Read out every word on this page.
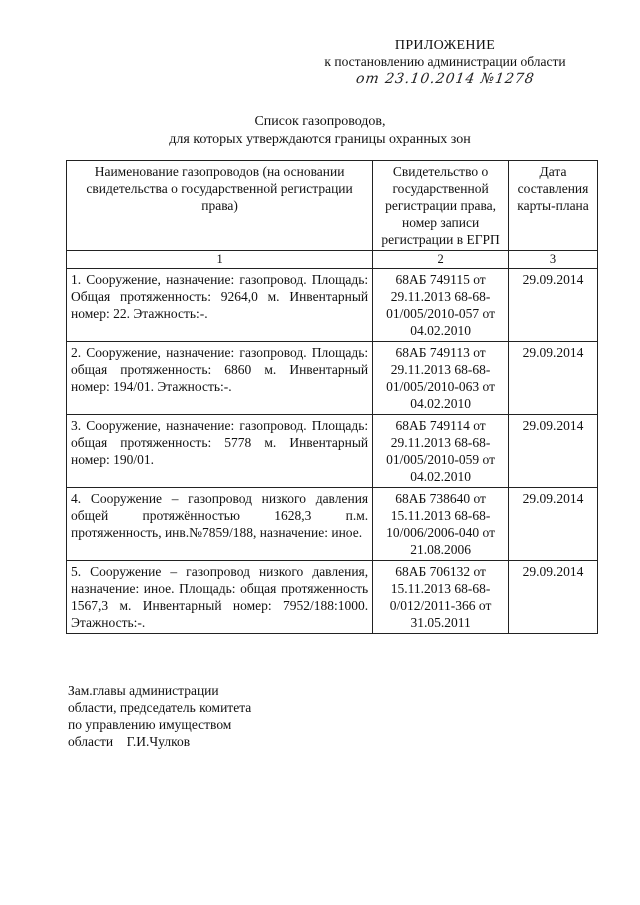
ПРИЛОЖЕНИЕ
к постановлению администрации области
от 23.10.2014 №1278
Список газопроводов,
для которых утверждаются границы охранных зон
Наименование газопроводов (на основании свидетельства о государственной регистрации права)	Свидетельство о государственной регистрации права, номер записи регистрации в ЕГРП	Дата составления карты-плана
1	2	3
1. Сооружение, назначение: газопровод. Площадь: Общая протяженность: 9264,0 м. Инвентарный номер: 22. Этажность:-.	68АБ 749115 от 29.11.2013 68-68-01/005/2010-057 от 04.02.2010	29.09.2014
2. Сооружение, назначение: газопровод. Площадь: общая протяженность: 6860 м. Инвентарный номер: 194/01. Этажность:-.	68АБ 749113 от 29.11.2013 68-68-01/005/2010-063 от 04.02.2010	29.09.2014
3. Сооружение, назначение: газопровод. Площадь: общая протяженность: 5778 м. Инвентарный номер: 190/01.	68АБ 749114 от 29.11.2013 68-68-01/005/2010-059 от 04.02.2010	29.09.2014
4. Сооружение – газопровод низкого давления общей протяжённостью 1628,3 п.м. протяженность, инв.№7859/188, назначение: иное.	68АБ 738640 от 15.11.2013 68-68-10/006/2006-040 от 21.08.2006	29.09.2014
5. Сооружение – газопровод низкого давления, назначение: иное. Площадь: общая протяженность 1567,3 м. Инвентарный номер: 7952/188:1000. Этажность:-.	68АБ 706132 от 15.11.2013 68-68-0/012/2011-366 от 31.05.2011	29.09.2014
Зам.главы администрации
области, председатель комитета
по управлению имуществом
области    Г.И.Чулков
